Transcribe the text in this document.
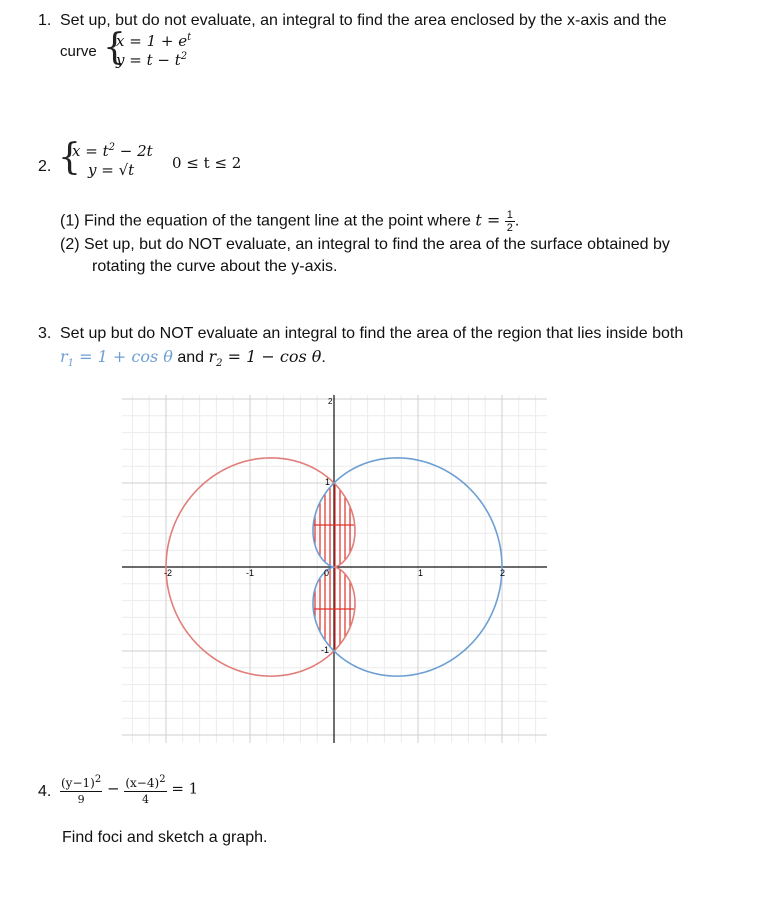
1. Set up, but do not evaluate, an integral to find the area enclosed by the x-axis and the
curve {
$x = 1 + e^t$
$y = t - t^2$
2. {
$x = t^2 - 2t$
y = √t	0 ≤ t ≤ 2
(1) Find the equation of the tangent line at the point where $t = \frac{1}{2}$ .
(2) Set up, but do NOT evaluate, an integral to find the area of the surface obtained by
rotating the curve about the y-axis.
3. Set up but do NOT evaluate an integral to find the area of the region that lies inside both
$r_1 = 1 + \cos \theta$ and $r_2 = 1 - \cos \theta$.
-2	-1	0	1	2
1
-1
2
4. $\frac{(y-1)^2}{9} - \frac{(x-4)^2}{4} = 1$
Find foci and sketch a graph.
